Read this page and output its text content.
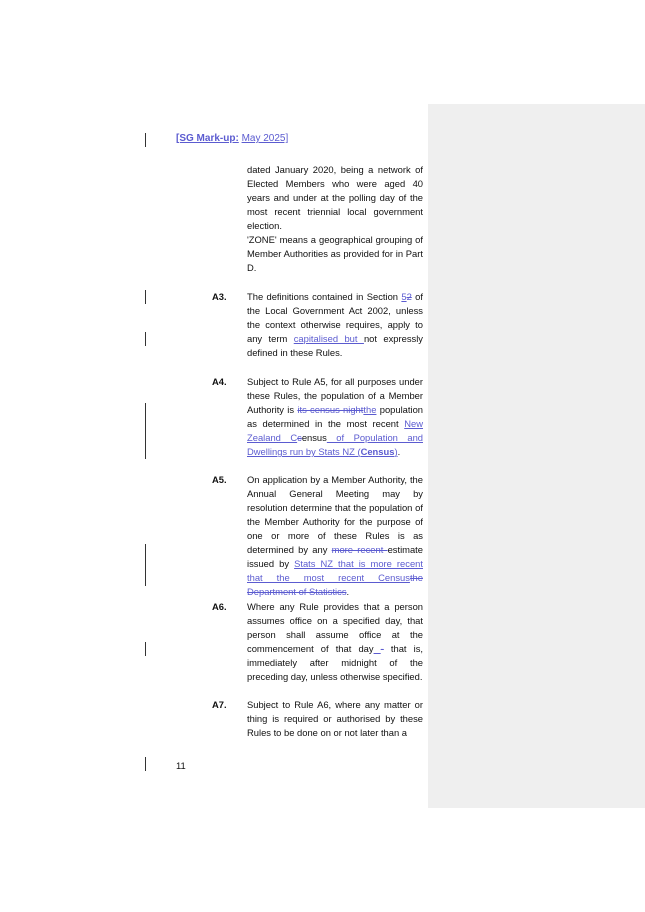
[SG Mark-up: May 2025]

dated January 2020, being a network of Elected Members who were aged 40 years and under at the polling day of the most recent triennial local government election.

'ZONE' means a geographical grouping of Member Authorities as provided for in Part D.

A3. The definitions contained in Section 52 of the Local Government Act 2002, unless the context otherwise requires, apply to any term capitalised but not expressly defined in these Rules.

A4. Subject to Rule A5, for all purposes under these Rules, the population of a Member Authority is its census nightthe population as determined in the most recent New Zealand Ccensus of Population and Dwellings run by Stats NZ (Census).

A5. On application by a Member Authority, the Annual General Meeting may by resolution determine that the population of the Member Authority for the purpose of one or more of these Rules is as determined by any more recent estimate issued by Stats NZ that is more recent that the most recent Censusthe Department of Statistics.

A6. Where any Rule provides that a person assumes office on a specified day, that person shall assume office at the commencement of that day - that is, immediately after midnight of the preceding day, unless otherwise specified.

A7. Subject to Rule A6, where any matter or thing is required or authorised by these Rules to be done on or not later than a

11
